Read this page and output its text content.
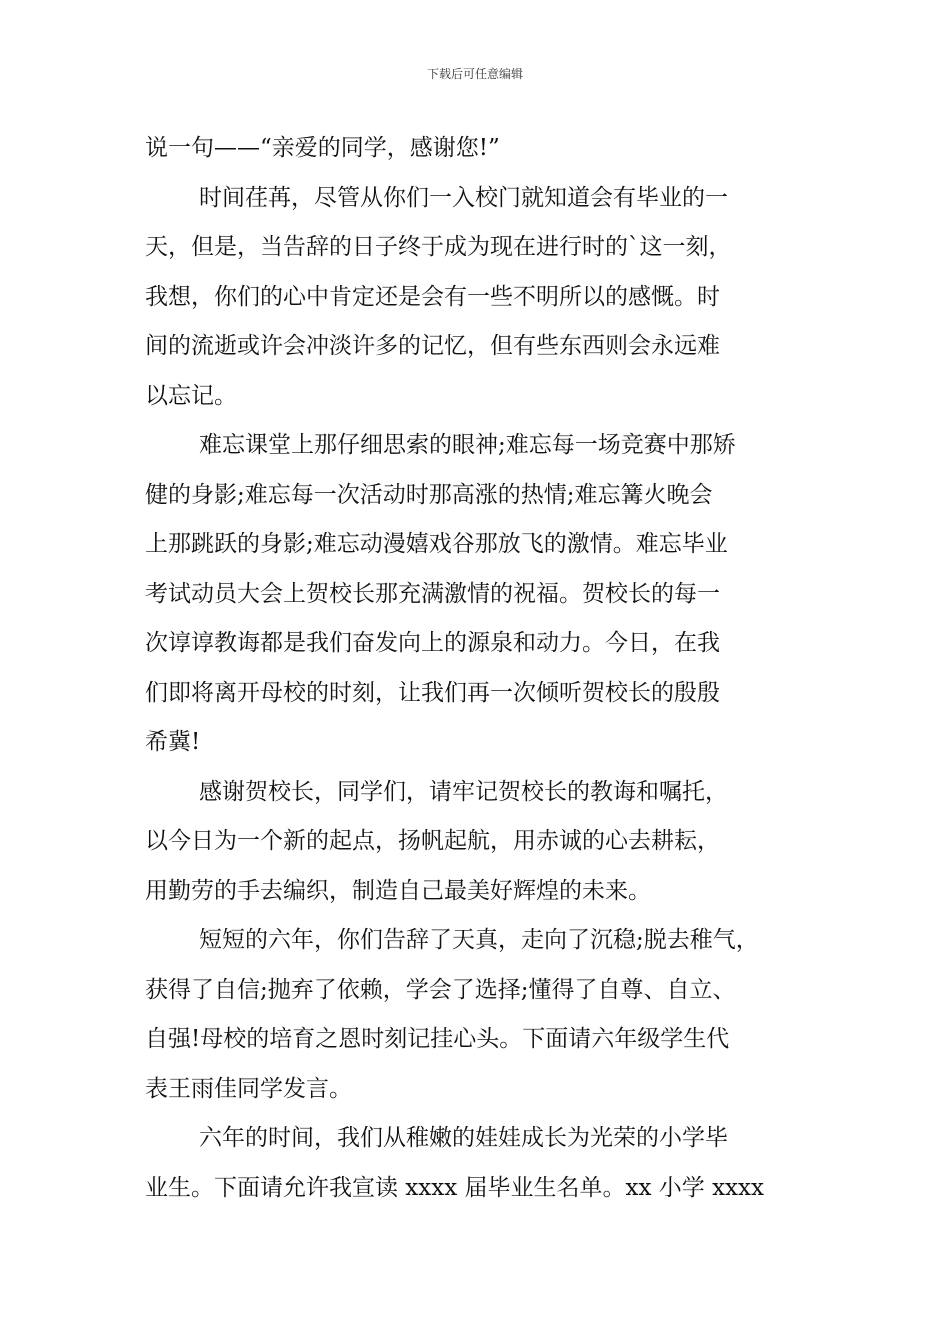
下载后可任意编辑

说一句——“亲爱的同学，感谢您!”

时间荏苒，尽管从你们一入校门就知道会有毕业的一
天，但是，当告辞的日子终于成为现在进行时的`这一刻，
我想，你们的心中肯定还是会有一些不明所以的感慨。时
间的流逝或许会冲淡许多的记忆，但有些东西则会永远难
以忘记。

难忘课堂上那仔细思索的眼神;难忘每一场竞赛中那矫
健的身影;难忘每一次活动时那高涨的热情;难忘篝火晚会
上那跳跃的身影;难忘动漫嬉戏谷那放飞的激情。难忘毕业
考试动员大会上贺校长那充满激情的祝福。贺校长的每一
次谆谆教诲都是我们奋发向上的源泉和动力。今日，在我
们即将离开母校的时刻，让我们再一次倾听贺校长的殷殷
希冀!

感谢贺校长，同学们，请牢记贺校长的教诲和嘱托，
以今日为一个新的起点，扬帆起航，用赤诚的心去耕耘，
用勤劳的手去编织，制造自己最美好辉煌的未来。

短短的六年，你们告辞了天真，走向了沉稳;脱去稚气，
获得了自信;抛弃了依赖，学会了选择;懂得了自尊、自立、
自强!母校的培育之恩时刻记挂心头。下面请六年级学生代
表王雨佳同学发言。

六年的时间，我们从稚嫩的娃娃成长为光荣的小学毕
业生。下面请允许我宣读 xxxx 届毕业生名单。xx 小学 xxxx
